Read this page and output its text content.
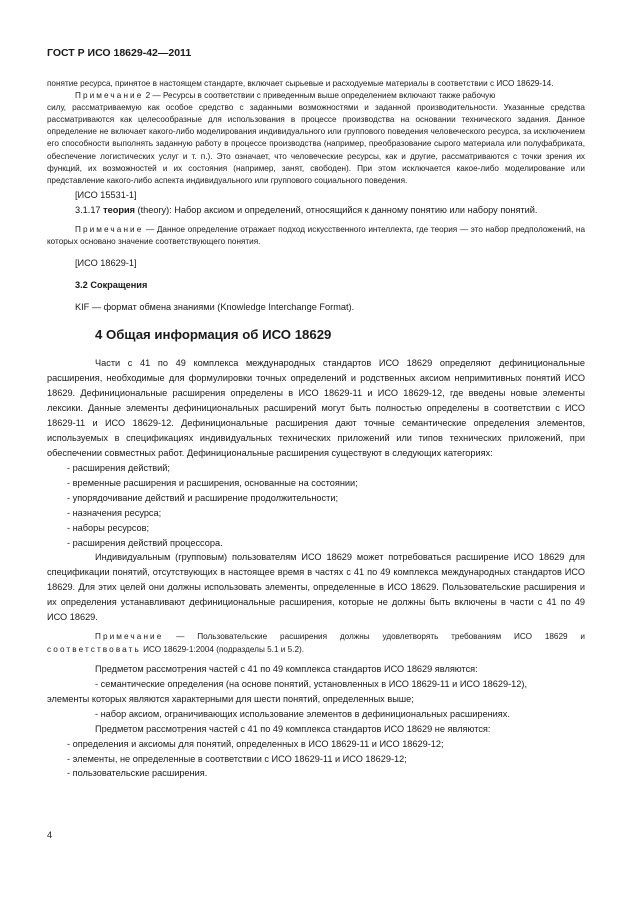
ГОСТ Р ИСО 18629-42—2011

понятие ресурса, принятое в настоящем стандарте, включает сырьевые и расходуемые материалы в соответствии с ИСО 18629-14.

Примечание 2 — Ресурсы в соответствии с приведенным выше определением включают также рабочую

силу, рассматриваемую как особое средство с заданными возможностями и заданной производительности. Указанные средства рассматриваются как целесообразные для использования в процессе производства на основании технического задания. Данное определение не включает какого-либо моделирования индивидуального или группового поведения человеческого ресурса, за исключением его способности выполнять заданную работу в процессе производства (например, преобразование сырого материала или полуфабриката, обеспечение логистических услуг и т. п.). Это означает, что человеческие ресурсы, как и другие, рассматриваются с точки зрения их функций, их возможностей и их состояния (например, занят, свободен). При этом исключается какое-либо моделирование или представление какого-либо аспекта индивидуального или группового социального поведения.

[ИСО 15531-1]

3.1.17 теория (theory): Набор аксиом и определений, относящийся к данному понятию или набору понятий.

Примечание — Данное определение отражает подход искусственного интеллекта, где теория — это набор предположений, на которых основано значение соответствующего понятия.

[ИСО 18629-1]

3.2 Сокращения

KIF — формат обмена знаниями (Knowledge Interchange Format).

4 Общая информация об ИСО 18629

Части с 41 по 49 комплекса международных стандартов ИСО 18629 определяют дефинициональные расширения, необходимые для формулировки точных определений и родственных аксиом непримитивных понятий ИСО 18629. Дефинициональные расширения определены в ИСО 18629-11 и ИСО 18629-12, где введены новые элементы лексики. Данные элементы дефинициональных расширений могут быть полностью определены в соответствии с ИСО 18629-11 и ИСО 18629-12. Дефинициональные расширения дают точные семантические определения элементов, используемых в спецификациях индивидуальных технических приложений или типов технических приложений, при обеспечении совместных работ. Дефинициональные расширения существуют в следующих категориях:

- расширения действий;

- временные расширения и расширения, основанные на состоянии;

- упорядочивание действий и расширение продолжительности;

- назначения ресурса;

- наборы ресурсов;

- расширения действий процессора.

Индивидуальным (групповым) пользователям ИСО 18629 может потребоваться расширение ИСО 18629 для спецификации понятий, отсутствующих в настоящее время в частях с 41 по 49 комплекса международных стандартов ИСО 18629. Для этих целей они должны использовать элементы, определенные в ИСО 18629. Пользовательские расширения и их определения устанавливают дефинициональные расширения, которые не должны быть включены в части с 41 по 49 ИСО 18629.

Примечание — Пользовательские расширения должны удовлетворять требованиям ИСО 18629 и соответствовать ИСО 18629-1:2004 (подразделы 5.1 и 5.2).

Предметом рассмотрения частей с 41 по 49 комплекса стандартов ИСО 18629 являются:

- семантические определения (на основе понятий, установленных в ИСО 18629-11 и ИСО 18629-12),

элементы которых являются характерными для шести понятий, определенных выше;

- набор аксиом, ограничивающих использование элементов в дефинициональных расширениях.

Предметом рассмотрения частей с 41 по 49 комплекса стандартов ИСО 18629 не являются:

- определения и аксиомы для понятий, определенных в ИСО 18629-11 и ИСО 18629-12;

- элементы, не определенные в соответствии с ИСО 18629-11 и ИСО 18629-12;

- пользовательские расширения.

4
